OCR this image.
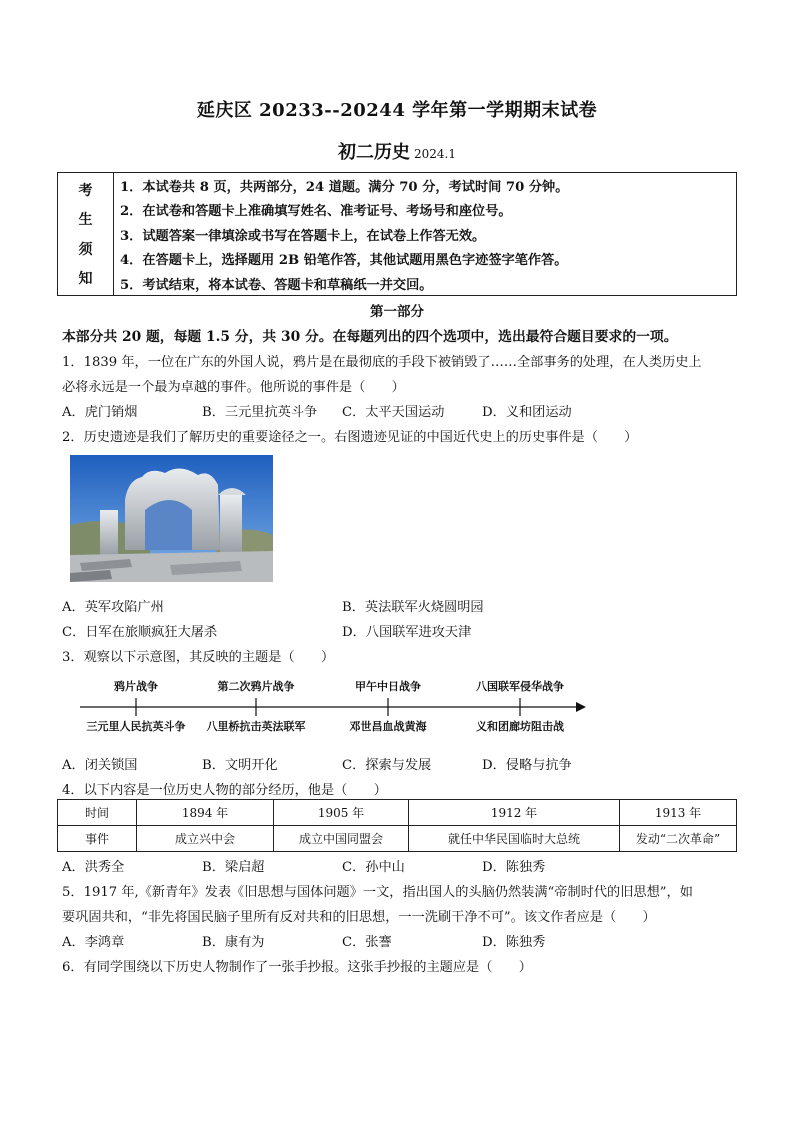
延庆区 20233--20244 学年第一学期期末试卷
初二历史 2024.1
考
生
须
知
1．本试卷共 8 页，共两部分，24 道题。满分 70 分，考试时间 70 分钟。
2．在试卷和答题卡上准确填写姓名、准考证号、考场号和座位号。
3．试题答案一律填涂或书写在答题卡上，在试卷上作答无效。
4．在答题卡上，选择题用 2B 铅笔作答，其他试题用黑色字迹签字笔作答。
5．考试结束，将本试卷、答题卡和草稿纸一并交回。
第一部分
本部分共 20 题，每题 1.5 分，共 30 分。在每题列出的四个选项中，选出最符合题目要求的一项。
1．1839 年，一位在广东的外国人说，鸦片是在最彻底的手段下被销毁了……全部事务的处理，在人类历史上
必将永远是一个最为卓越的事件。他所说的事件是（　　）
A．虎门销烟	B．三元里抗英斗争 C．太平天国运动	D．义和团运动
2．历史遗迹是我们了解历史的重要途径之一。右图遗迹见证的中国近代史上的历史事件是（　　）
A．英军攻陷广州	B．英法联军火烧圆明园
C．日军在旅顺疯狂大屠杀	D．八国联军进攻天津
3．观察以下示意图，其反映的主题是（　　）
鸦片战争	第二次鸦片战争	甲午中日战争	八国联军侵华战争
三元里人民抗英斗争 八里桥抗击英法联军	邓世昌血战黄海	义和团廊坊阻击战
A．闭关锁国	B．文明开化	C．探索与发展	D．侵略与抗争
4．以下内容是一位历史人物的部分经历，他是（　　）
时间	1894 年	1905 年	1912 年	1913 年
事件	成立兴中会	成立中国同盟会	就任中华民国临时大总统	发动“二次革命”
A．洪秀全	B．梁启超	C．孙中山	D．陈独秀
5．1917 年,《新青年》发表《旧思想与国体问题》一文，指出国人的头脑仍然装满“帝制时代的旧思想”，如
要巩固共和，“非先将国民脑子里所有反对共和的旧思想，一一洗刷干净不可”。该文作者应是（　　）
A．李鸿章	B．康有为	C．张謇	D．陈独秀
6．有同学围绕以下历史人物制作了一张手抄报。这张手抄报的主题应是（　　）
